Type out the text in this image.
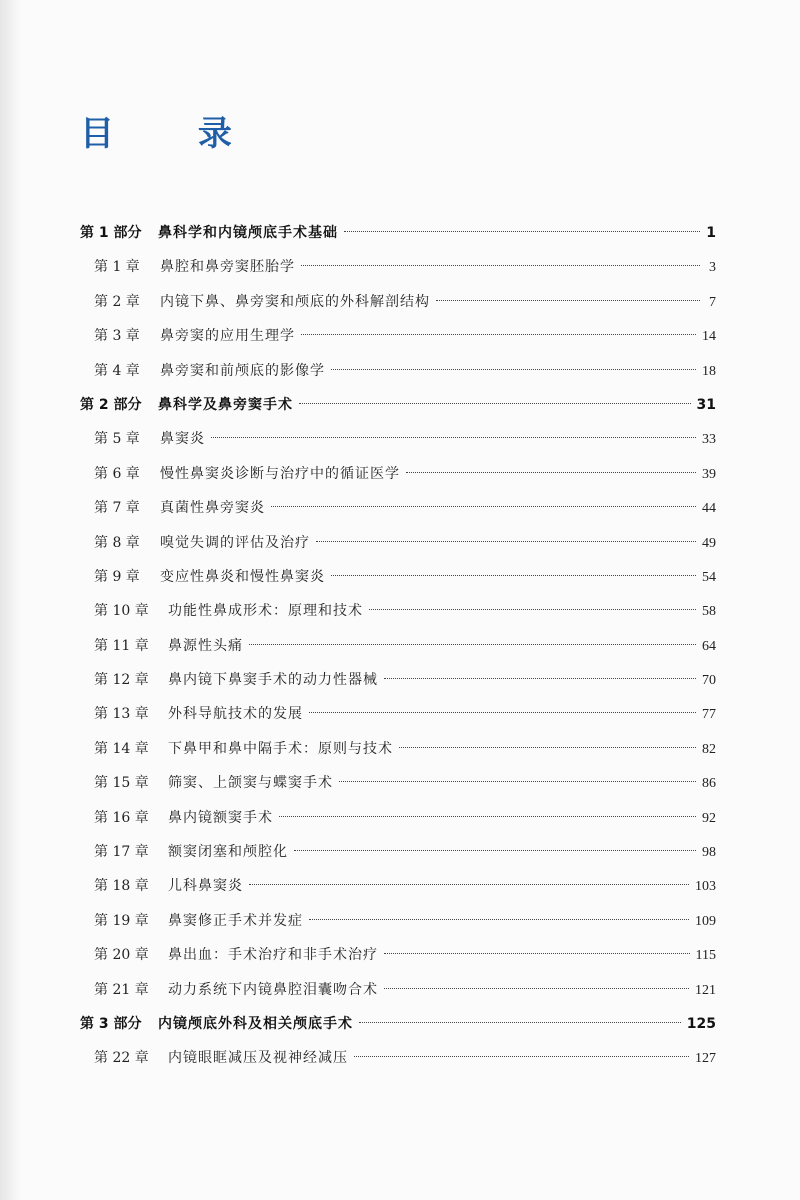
目 录
第 1 部分	鼻科学和内镜颅底手术基础	1
第 1 章	鼻腔和鼻旁窦胚胎学	3
第 2 章	内镜下鼻、鼻旁窦和颅底的外科解剖结构	7
第 3 章	鼻旁窦的应用生理学	14
第 4 章	鼻旁窦和前颅底的影像学	18
第 2 部分	鼻科学及鼻旁窦手术	31
第 5 章	鼻窦炎	33
第 6 章	慢性鼻窦炎诊断与治疗中的循证医学	39
第 7 章	真菌性鼻旁窦炎	44
第 8 章	嗅觉失调的评估及治疗	49
第 9 章	变应性鼻炎和慢性鼻窦炎	54
第 10 章	功能性鼻成形术：原理和技术	58
第 11 章	鼻源性头痛	64
第 12 章	鼻内镜下鼻窦手术的动力性器械	70
第 13 章	外科导航技术的发展	77
第 14 章	下鼻甲和鼻中隔手术：原则与技术	82
第 15 章	筛窦、上颌窦与蝶窦手术	86
第 16 章	鼻内镜额窦手术	92
第 17 章	额窦闭塞和颅腔化	98
第 18 章	儿科鼻窦炎	103
第 19 章	鼻窦修正手术并发症	109
第 20 章	鼻出血：手术治疗和非手术治疗	115
第 21 章	动力系统下内镜鼻腔泪囊吻合术	121
第 3 部分	内镜颅底外科及相关颅底手术	125
第 22 章	内镜眼眶减压及视神经减压	127
